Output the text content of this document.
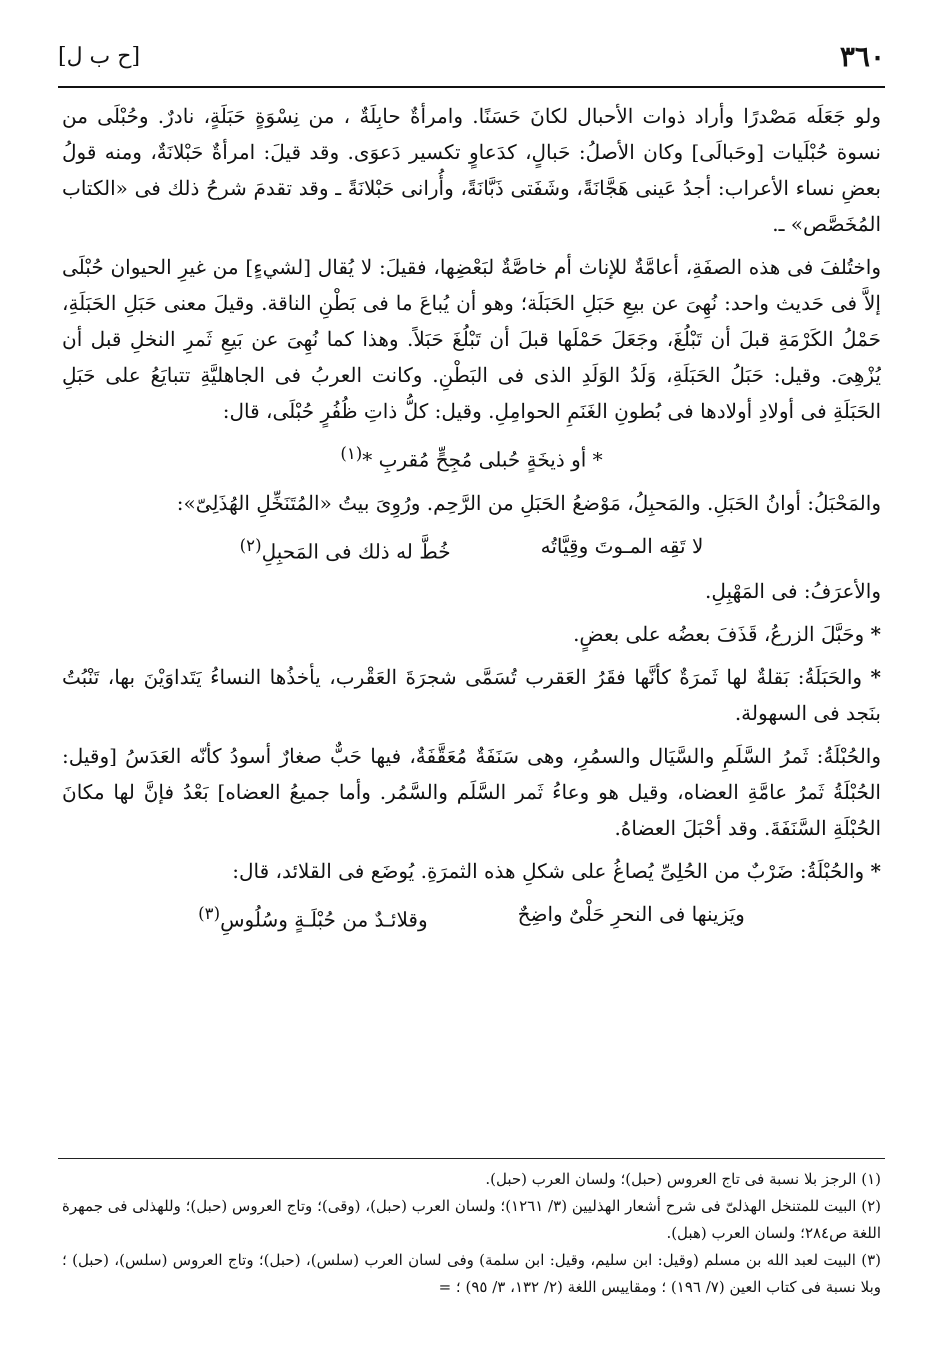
٣٦٠
[ح ب ل]

ولو جَعَلَه مَصْدرًا وأراد ذوات الأحبال لكانَ حَسَنًا. وامرأةٌ حابِلَةٌ ، من نِسْوَةٍ حَبَلَةٍ، نادرٌ. وحُبْلَى من نسوة حُبْلَيات [وحَبالَى] وكان الأصلُ: حَبالٍ، كدَعاوٍ تكسير دَعوَى. وقد قيلَ: امرأةٌ حَبْلانَةٌ، ومنه قولُ بعضِ نساء الأعراب: أجدُ عَينى هَجَّانَةً، وشَفَتى ذَبَّانَةً، وأُرانى حَبْلانَةً ـ وقد تقدمَ شرحُ ذلك فى «الكتاب المُخَصَّص» ـ.

واختُلفَ فى هذه الصفَةِ، أعامَّةٌ للإناث أم خاصَّةٌ لبَعْضِها، فقيلَ: لا يُقال [لشيءٍ] من غيرِ الحيوان حُبْلَى إلاَّ فى حَديث واحد: نُهِىَ عن بيعِ حَبَلِ الحَبَلَة؛ وهو أن يُباعَ ما فى بَطْنِ الناقة. وقيلَ معنى حَبَلِ الحَبَلَةِ، حَمْلُ الكَرْمَةِ قبلَ أن تَبْلُغَ، وجَعَلَ حَمْلَها قبلَ أن تَبْلُغَ حَبَلاً. وهذا كما نُهِىَ عن بَيعِ ثَمرِ النخلِ قبل أن يُزْهِىَ. وقيل: حَبَلُ الحَبَلَةِ، وَلَدُ الوَلَدِ الذى فى البَطْنِ. وكانت العربُ فى الجاهليَّةِ تتبايَعُ على حَبَلِ الحَبَلَةِ فى أولادِ أولادها فى بُطونِ الغَنَمِ الحوامِلِ. وقيل: كلُّ ذاتِ ظُفُرٍ حُبْلَى، قال:

* أو ذيخَةٍ حُبلى مُجِحٍّ مُقربِ *$^{(١)}$

والمَحْبَلُ: أوانُ الحَبَلِ. والمَحبِلُ، مَوْضعُ الحَبَلِ من الرَّحِم. ورُوِىَ بيتُ «المُتَنَخِّلِ الهُذَلِىّ»:

لا تَقِه المـوتَ وقِيَّاتُه
خُطَّ له ذلك فى المَحبِلِ$^{(٢)}$

والأعرَفُ: فى المَهْبِلِ.

* وحَبَّلَ الزرعُ، قَذَفَ بعضُه على بعضٍ.

* والحَبَلَةُ: بَقلةٌ لها ثَمرَةٌ كأنَّها فقَرُ العَقرب تُسَمَّى شجرَةَ العَقْرب، يأخذُها النساءُ يَتَداوَيْنَ بها، تَنْبُتُ بنَجد فى السهولة.

والحُبْلَةُ: ثَمرُ السَّلَمِ والسَّيَال والسمُرِ، وهى سَنَفَةٌ مُعَقَّفَةٌ، فيها حَبٌّ صغارٌ أسودُ كأنّه العَدَسُ [وقيل: الحُبْلَةُ ثَمرُ عامَّةِ العضاه، وقيل هو وعاءُ ثَمر السَّلَم والسَّمُر. وأما جميعُ العضاه] بَعْدُ فإنَّ لها مكانَ الحُبْلَةِ السَّنَفَةَ. وقد أحْبَلَ العضاهُ.

* والحُبْلَةُ: ضَرْبٌ من الحُلِىِّ يُصاغُ على شكلِ هذه الثمرَةِ. يُوضَع فى القلائد، قال:

ويَزينها فى النحرِ حَلْىٌ واضِحٌ
وقلائـدٌ من حُبْلَـةٍ وسُلُوسِ$^{(٣)}$

(١) الرجز بلا نسبة فى تاج العروس (حبل)؛ ولسان العرب (حبل).

(٢) البيت للمتنخل الهذلىّ فى شرح أشعار الهذليين (٣/ ١٢٦١)؛ ولسان العرب (حبل)، (وقى)؛ وتاج العروس (حبل)؛ وللهذلى فى جمهرة اللغة ص٢٨٤؛ ولسان العرب (هبل).

(٣) البيت لعبد الله بن مسلم (وقيل: ابن سليم، وقيل: ابن سلمة) وفى لسان العرب (سلس)، (حبل)؛ وتاج العروس (سلس)، (حبل) ؛ وبلا نسبة فى كتاب العين (٧/ ١٩٦) ؛ ومقاييس اللغة (٢/ ١٣٢، ٣/ ٩٥) ؛ =
